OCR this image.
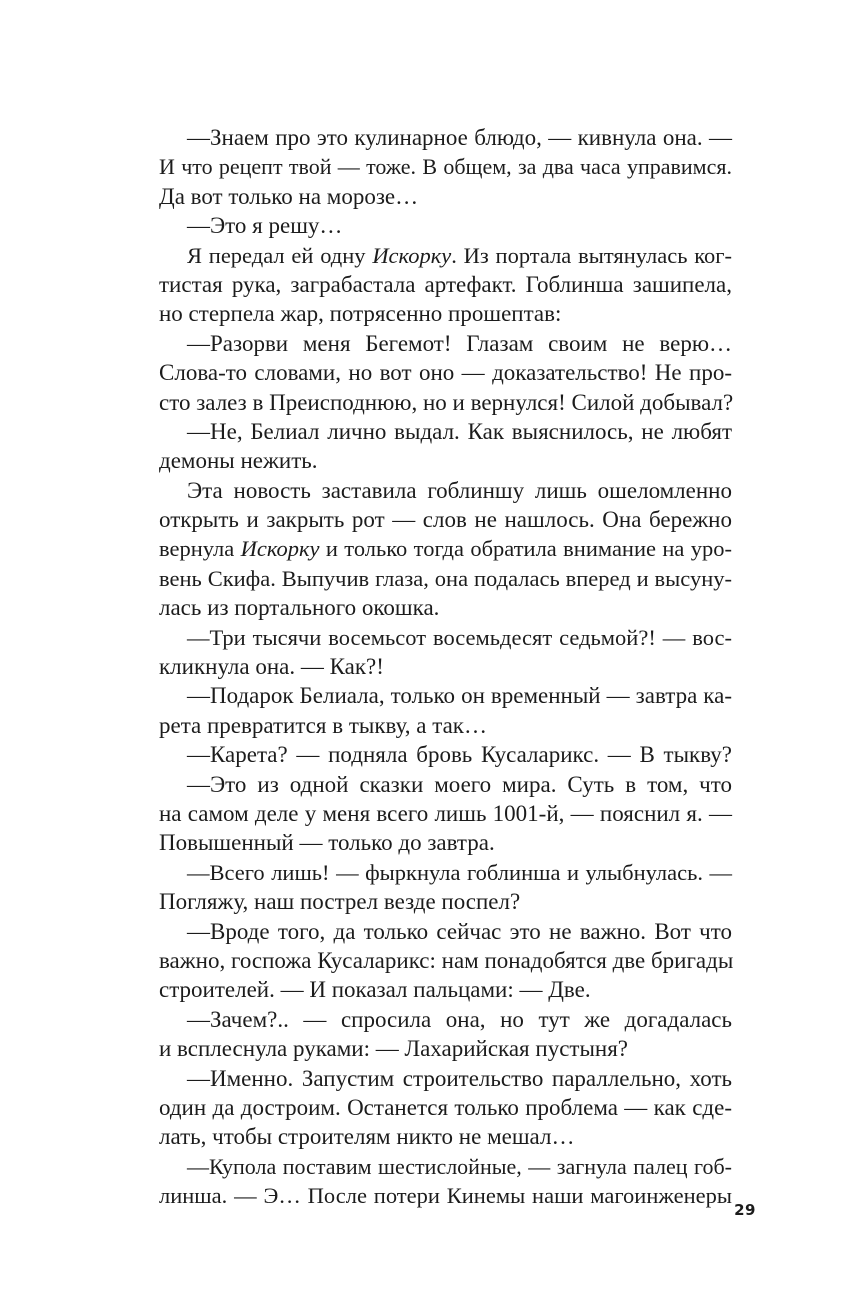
—Знаем про это кулинарное блюдо, — кивнула она. —
И что рецепт твой — тоже. В общем, за два часа управимся.
Да вот только на морозе…
—Это я решу…
Я передал ей одну Искорку. Из портала вытянулась ког-
тистая рука, заграбастала артефакт. Гоблинша зашипела,
но стерпела жар, потрясенно прошептав:
—Разорви меня Бегемот! Глазам своим не верю…
Слова-то словами, но вот оно — доказательство! Не про-
сто залез в Преисподнюю, но и вернулся! Силой добывал?
—Не, Белиал лично выдал. Как выяснилось, не любят
демоны нежить.
Эта новость заставила гоблиншу лишь ошеломленно
открыть и закрыть рот — слов не нашлось. Она бережно
вернула Искорку и только тогда обратила внимание на уро-
вень Скифа. Выпучив глаза, она подалась вперед и высуну-
лась из портального окошка.
—Три тысячи восемьсот восемьдесят седьмой?! — вос-
кликнула она. — Как?!
—Подарок Белиала, только он временный — завтра ка-
рета превратится в тыкву, а так…
—Карета? — подняла бровь Кусаларикс. — В тыкву?
—Это из одной сказки моего мира. Суть в том, что
на самом деле у меня всего лишь 1001-й, — пояснил я. —
Повышенный — только до завтра.
—Всего лишь! — фыркнула гоблинша и улыбнулась. —
Погляжу, наш пострел везде поспел?
—Вроде того, да только сейчас это не важно. Вот что
важно, госпожа Кусаларикс: нам понадобятся две бригады
строителей. — И показал пальцами: — Две.
—Зачем?.. — спросила она, но тут же догадалась
и всплеснула руками: — Лахарийская пустыня?
—Именно. Запустим строительство параллельно, хоть
один да достроим. Останется только проблема — как сде-
лать, чтобы строителям никто не мешал…
—Купола поставим шестислойные, — загнула палец гоб-
линша. — Э… После потери Кинемы наши магоинженеры
29
